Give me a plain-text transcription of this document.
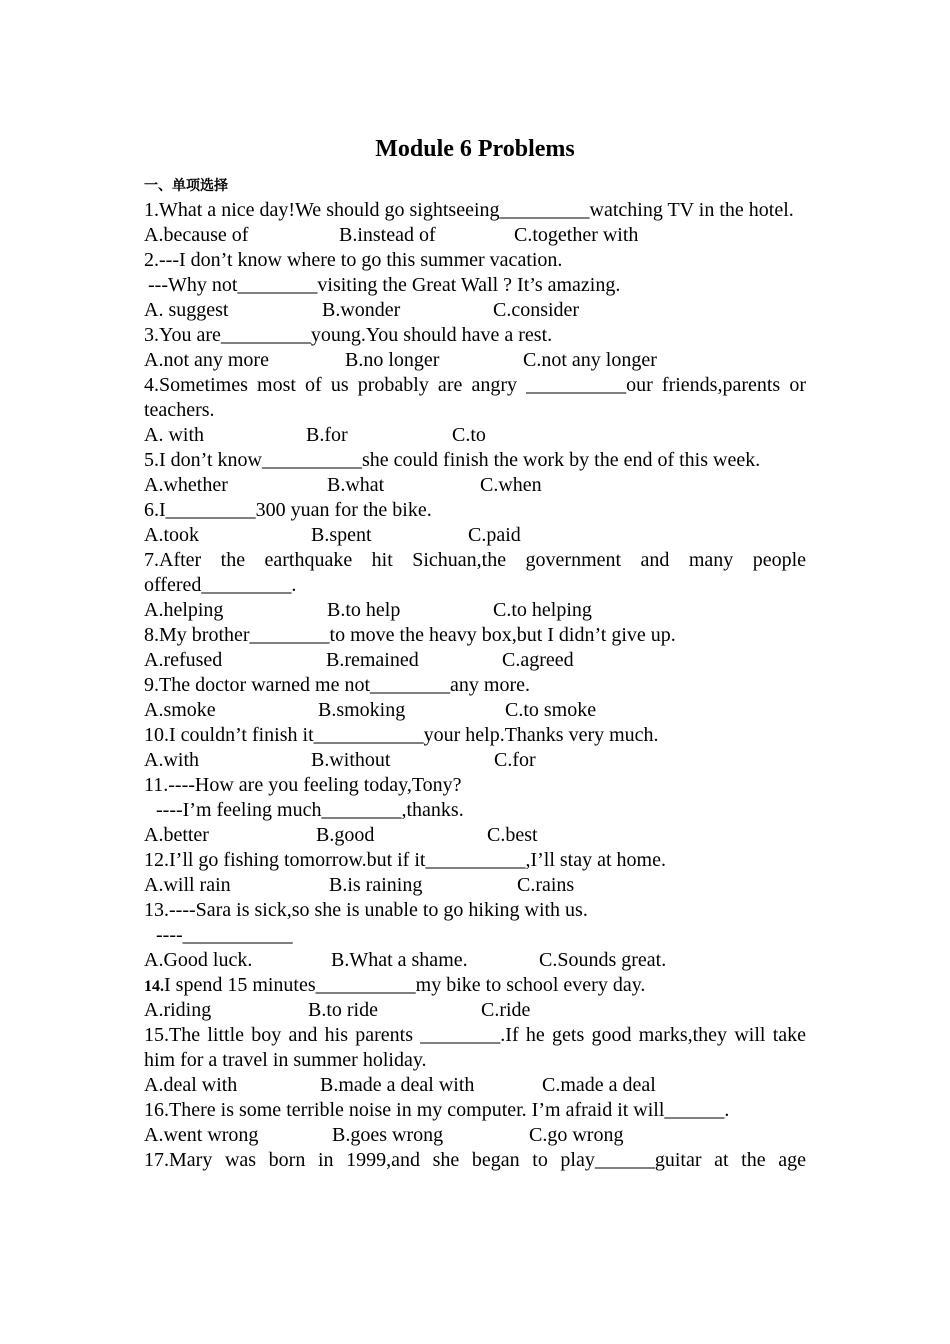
Module 6 Problems
一、单项选择
1.What a nice day!We should go sightseeing_________watching TV in the hotel.
A.because of	B.instead of	C.together with
2.---I don’t know where to go this summer vacation.
---Why not________visiting the Great Wall ? It’s amazing.
A. suggest	B.wonder	C.consider
3.You are_________young.You should have a rest.
A.not any more	B.no longer	C.not any longer
4.Sometimes most of us probably are angry __________our friends,parents or teachers.
A. with	B.for	C.to
5.I don’t know__________she could finish the work by the end of this week.
A.whether	B.what	C.when
6.I_________300 yuan for the bike.
A.took	B.spent	C.paid
7.After the earthquake hit Sichuan,the government and many people offered_________.
A.helping	B.to help	C.to helping
8.My brother________to move the heavy box,but I didn’t give up.
A.refused	B.remained	C.agreed
9.The doctor warned me not________any more.
A.smoke	B.smoking	C.to smoke
10.I couldn’t finish it___________your help.Thanks very much.
A.with	B.without	C.for
11.----How are you feeling today,Tony?
----I’m feeling much________,thanks.
A.better	B.good	C.best
12.I’ll go fishing tomorrow.but if it__________,I’ll stay at home.
A.will rain	B.is raining	C.rains
13.----Sara is sick,so she is unable to go hiking with us.
----___________
A.Good luck.	B.What a shame.	C.Sounds great.
14.I spend 15 minutes__________my bike to school every day.
A.riding	B.to ride	C.ride
15.The little boy and his parents ________.If he gets good marks,they will take him for a travel in summer holiday.
A.deal with	B.made a deal with	C.made a deal
16.There is some terrible noise in my computer. I’m afraid it will______.
A.went wrong	B.goes wrong	C.go wrong
17.Mary was born in 1999,and she began to play______guitar at the age
